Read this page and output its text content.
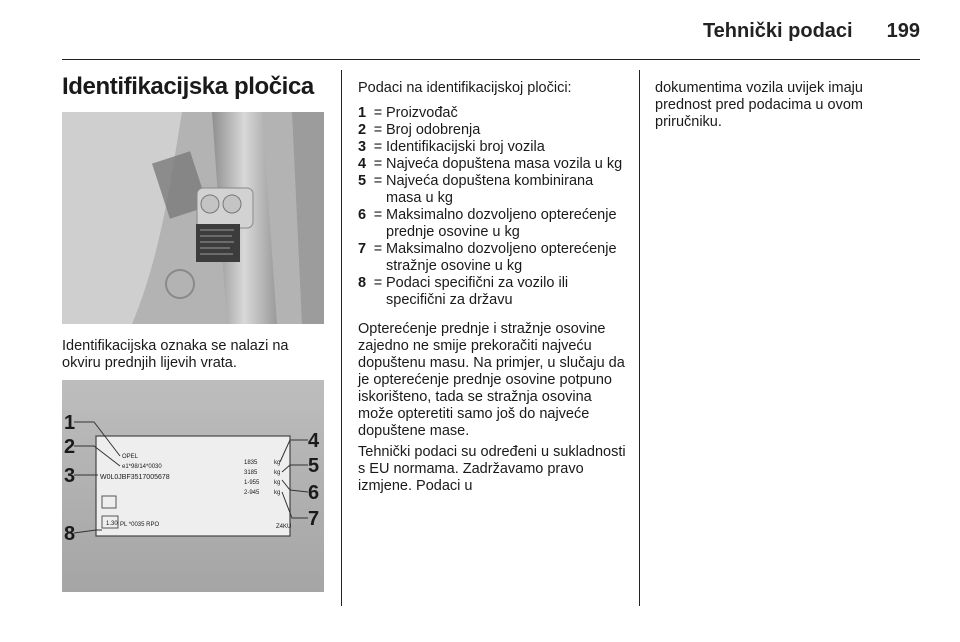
Tehnički podaci 199
Identifikacijska pločica

Identifikacijska oznaka se nalazi na okviru prednjih lijevih vrata.

1
2
3
8
4
5
6
7
OPEL
e1*98/14*0030
W0L0JBF3517005678
1835
3185
1-955
2-945
kg
kg
kg
kg
PL *0035 RPO
1.30	Z4KU

Podaci na identifikacijskoj pločici:

1 = Proizvođač
2 = Broj odobrenja
3 = Identifikacijski broj vozila
4 = Najveća dopuštena masa vozila u kg
5 = Najveća dopuštena kombinirana masa u kg
6 = Maksimalno dozvoljeno opterećenje prednje osovine u kg
7 = Maksimalno dozvoljeno opterećenje stražnje osovine u kg
8 = Podaci specifični za vozilo ili specifični za državu

Opterećenje prednje i stražnje osovine zajedno ne smije prekoračiti najveću dopuštenu masu. Na primjer, u slučaju da je opterećenje prednje osovine potpuno iskorišteno, tada se stražnja osovina može opteretiti samo još do najveće dopuštene mase.

Tehnički podaci su određeni u sukladnosti s EU normama. Zadržavamo pravo izmjene. Podaci u

dokumentima vozila uvijek imaju prednost pred podacima u ovom priručniku.
